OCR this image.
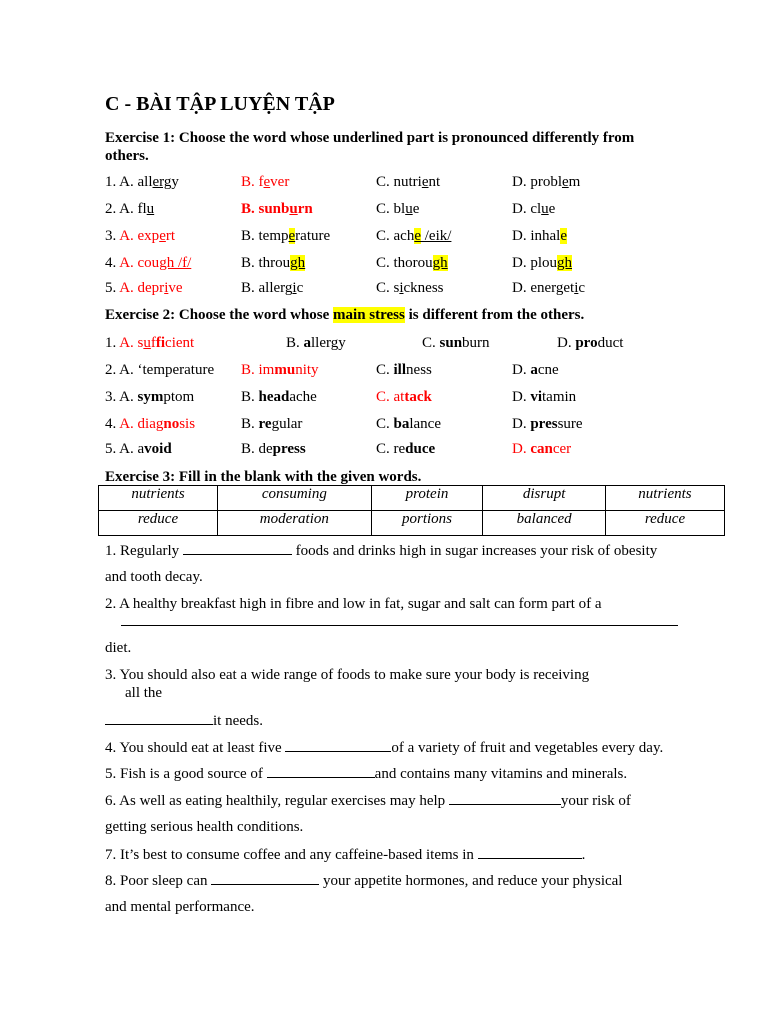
C - BÀI TẬP LUYỆN TẬP
Exercise 1: Choose the word whose underlined part is pronounced differently from others.
1. A. allergy	B. fever	C. nutrient	D. problem
2. A. flu	B. sunburn	C. blue	D. clue
3. A. expert	B. temperature	C. ache /eik/	D. inhale
4. A. cough /f/	B. through	C. thorough	D. plough
5. A. deprive	B. allergic	C. sickness	D. energetic
Exercise 2: Choose the word whose main stress is different from the others.
1. A. sufficient	B. allergy	C. sunburn	D. product
2. A. ‘temperature B. immunity	C. illness	D. acne
3. A. symptom	B. headache	C. attack	D. vitamin
4. A. diagnosis	B. regular	C. balance	D. pressure
5. A. avoid	B. depress	C. reduce	D. cancer
Exercise 3: Fill in the blank with the given words.
nutrients	consuming	protein	disrupt	nutrients
reduce	moderation	portions	balanced	reduce
1. Regularly	foods and drinks high in sugar increases your risk of obesity
and tooth decay.
2. A healthy breakfast high in fibre and low in fat, sugar and salt can form part of a
diet.
3. You should also eat a wide range of foods to make sure your body is receiving
all the
it needs.
4. You should eat at least five	of a variety of fruit and vegetables every day.
5. Fish is a good source of	and contains many vitamins and minerals.
6. As well as eating healthily, regular exercises may help	your risk of
getting serious health conditions.
7. It’s best to consume coffee and any caffeine-based items in	.
8. Poor sleep can	your appetite hormones, and reduce your physical
and mental performance.
